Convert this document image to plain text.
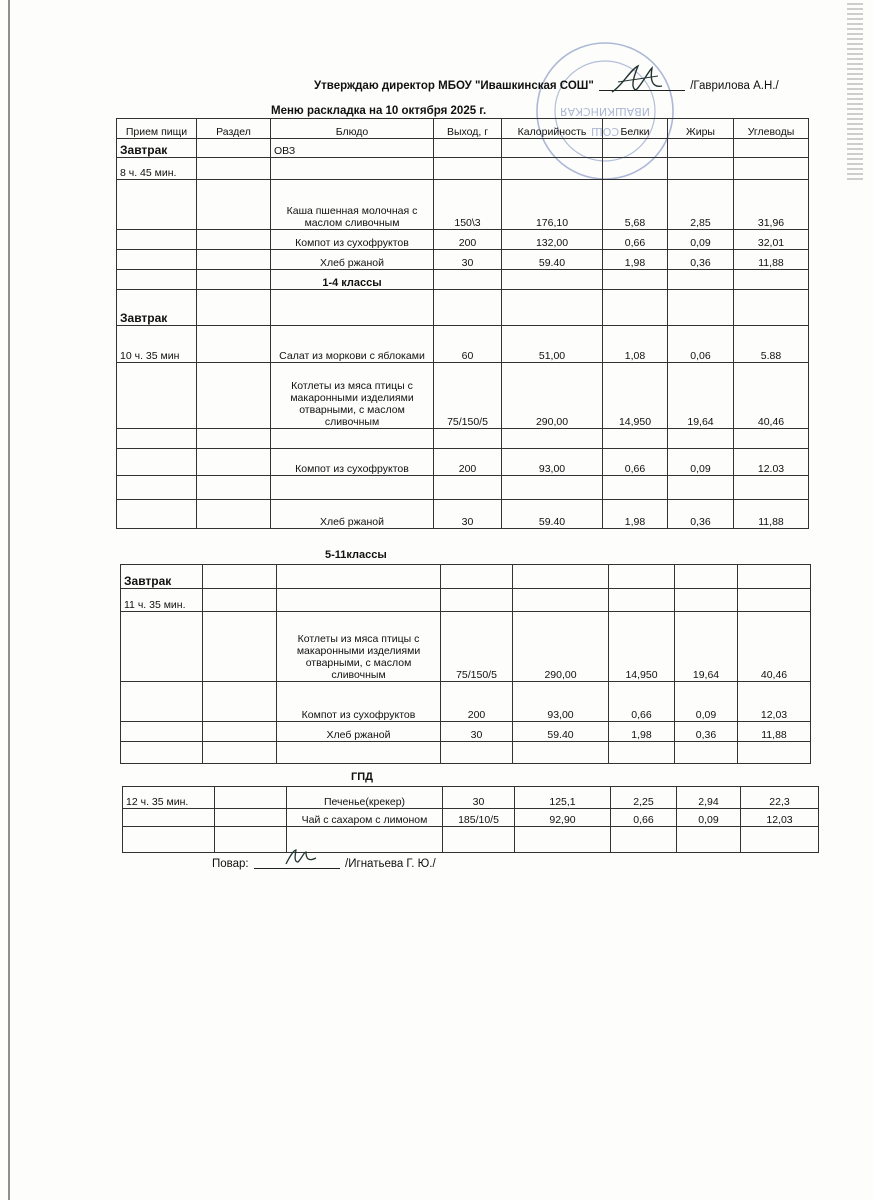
ИВАШКИНСКАЯ
СОШ
Утверждаю директор МБОУ "Ивашкинская СОШ"	/Гаврилова А.Н./
Меню раскладка на 10 октября 2025 г.
Прием пищи	Раздел	Блюдо	Выход, г	Калорийность	Белки	Жиры	Углеводы
Завтрак		ОВЗ					
8 ч. 45 мин.							
		Каша пшенная молочная с маслом сливочным	150\3	176,10	5,68	2,85	31,96
		Компот из сухофруктов	200	132,00	0,66	0,09	32,01
		Хлеб ржаной	30	59.40	1,98	0,36	11,88
		1-4 классы					
Завтрак							
10 ч. 35 мин		Салат из моркови с яблоками	60	51,00	1,08	0,06	5.88
		Котлеты из мяса птицы с макаронными изделиями отварными, с маслом сливочным	75/150/5	290,00	14,950	19,64	40,46

		Компот из сухофруктов	200	93,00	0,66	0,09	12.03

		Хлеб ржаной	30	59.40	1,98	0,36	11,88
5-11классы
Завтрак							
11 ч. 35 мин.							
		Котлеты из мяса птицы с макаронными изделиями отварными, с маслом сливочным	75/150/5	290,00	14,950	19,64	40,46
		Компот из сухофруктов	200	93,00	0,66	0,09	12,03
		Хлеб ржаной	30	59.40	1,98	0,36	11,88

ГПД
12 ч. 35 мин.		Печенье(крекер)	30	125,1	2,25	2,94	22,3
		Чай с сахаром с лимоном	185/10/5	92,90	0,66	0,09	12,03

Повар:	/Игнатьева Г. Ю./
